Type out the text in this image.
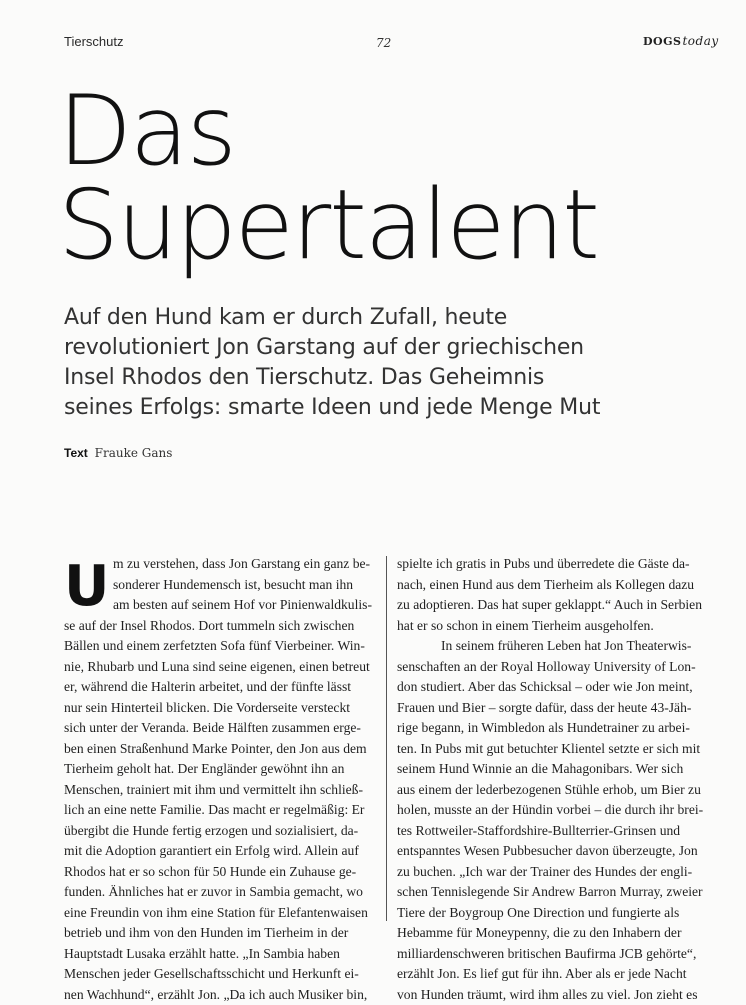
Tierschutz	72	DOGStoday
Das
Supertalent

Auf den Hund kam er durch Zufall, heute
revolutioniert Jon Garstang auf der griechischen
Insel Rhodos den Tierschutz. Das Geheimnis
seines Erfolgs: smarte Ideen und jede Menge Mut

Text Frauke Gans
U m zu verstehen, dass Jon Garstang ein ganz be-
sonderer Hundemensch ist, besucht man ihn
am besten auf seinem Hof vor Pinienwaldkulis-
se auf der Insel Rhodos. Dort tummeln sich zwischen
Bällen und einem zerfetzten Sofa fünf Vierbeiner. Win-
nie, Rhubarb und Luna sind seine eigenen, einen betreut
er, während die Halterin arbeitet, und der fünfte lässt
nur sein Hinterteil blicken. Die Vorderseite versteckt
sich unter der Veranda. Beide Hälften zusammen erge-
ben einen Straßenhund Marke Pointer, den Jon aus dem
Tierheim geholt hat. Der Engländer gewöhnt ihn an
Menschen, trainiert mit ihm und vermittelt ihn schließ-
lich an eine nette Familie. Das macht er regelmäßig: Er
übergibt die Hunde fertig erzogen und sozialisiert, da-
mit die Adoption garantiert ein Erfolg wird. Allein auf
Rhodos hat er so schon für 50 Hunde ein Zuhause ge-
funden. Ähnliches hat er zuvor in Sambia gemacht, wo
eine Freundin von ihm eine Station für Elefantenwaisen
betrieb und ihm von den Hunden im Tierheim in der
Hauptstadt Lusaka erzählt hatte. „In Sambia haben
Menschen jeder Gesellschaftsschicht und Herkunft ei-
nen Wachhund“, erzählt Jon. „Da ich auch Musiker bin,
spielte ich gratis in Pubs und überredete die Gäste da-
nach, einen Hund aus dem Tierheim als Kollegen dazu
zu adoptieren. Das hat super geklappt.“ Auch in Serbien
hat er so schon in einem Tierheim ausgeholfen.
In seinem früheren Leben hat Jon Theaterwis-
senschaften an der Royal Holloway University of Lon-
don studiert. Aber das Schicksal – oder wie Jon meint,
Frauen und Bier – sorgte dafür, dass der heute 43-Jäh-
rige begann, in Wimbledon als Hundetrainer zu arbei-
ten. In Pubs mit gut betuchter Klientel setzte er sich mit
seinem Hund Winnie an die Mahagonibars. Wer sich
aus einem der lederbezogenen Stühle erhob, um Bier zu
holen, musste an der Hündin vorbei – die durch ihr brei-
tes Rottweiler-Staffordshire-Bullterrier-Grinsen und
entspanntes Wesen Pubbesucher davon überzeugte, Jon
zu buchen. „Ich war der Trainer des Hundes der engli-
schen Tennislegende Sir Andrew Barron Murray, zweier
Tiere der Boygroup One Direction und fungierte als
Hebamme für Moneypenny, die zu den Inhabern der
milliardenschweren britischen Baufirma JCB gehörte“,
erzählt Jon. Es lief gut für ihn. Aber als er jede Nacht
von Hunden träumt, wird ihm alles zu viel. Jon zieht es
